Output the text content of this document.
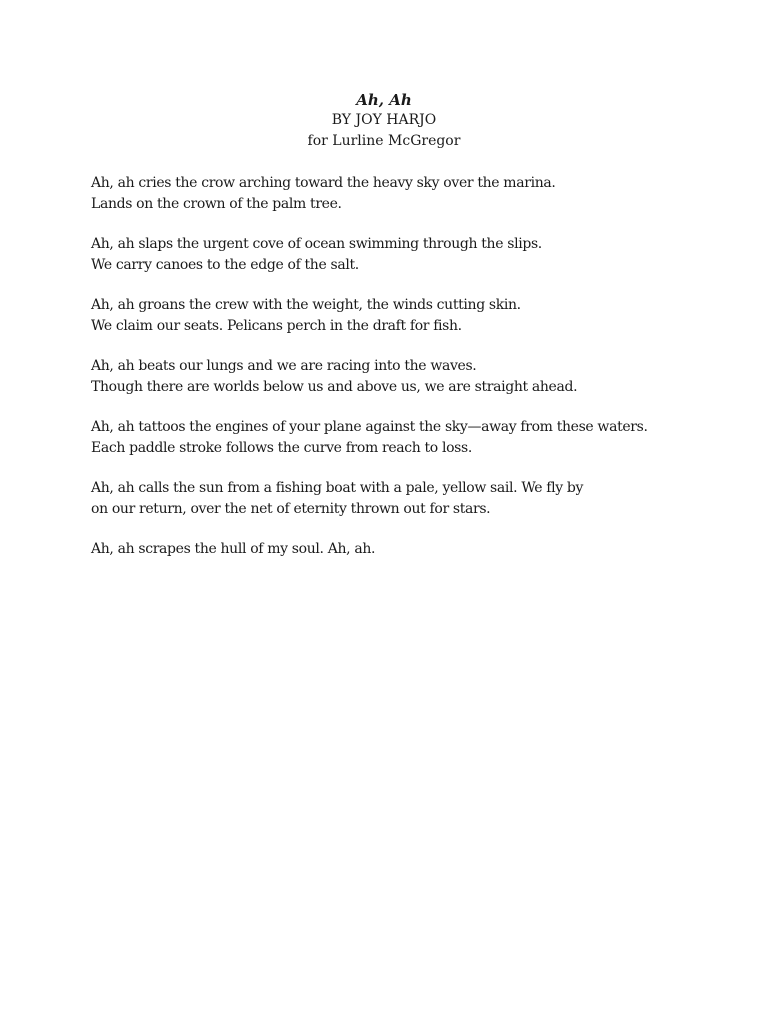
Ah, Ah

BY JOY HARJO

for Lurline McGregor

Ah, ah cries the crow arching toward the heavy sky over the marina.
Lands on the crown of the palm tree.
Ah, ah slaps the urgent cove of ocean swimming through the slips.
We carry canoes to the edge of the salt.
Ah, ah groans the crew with the weight, the winds cutting skin.
We claim our seats. Pelicans perch in the draft for fish.
Ah, ah beats our lungs and we are racing into the waves.
Though there are worlds below us and above us, we are straight ahead.
Ah, ah tattoos the engines of your plane against the sky—away from these waters.
Each paddle stroke follows the curve from reach to loss.
Ah, ah calls the sun from a fishing boat with a pale, yellow sail. We fly by
on our return, over the net of eternity thrown out for stars.
Ah, ah scrapes the hull of my soul. Ah, ah.
